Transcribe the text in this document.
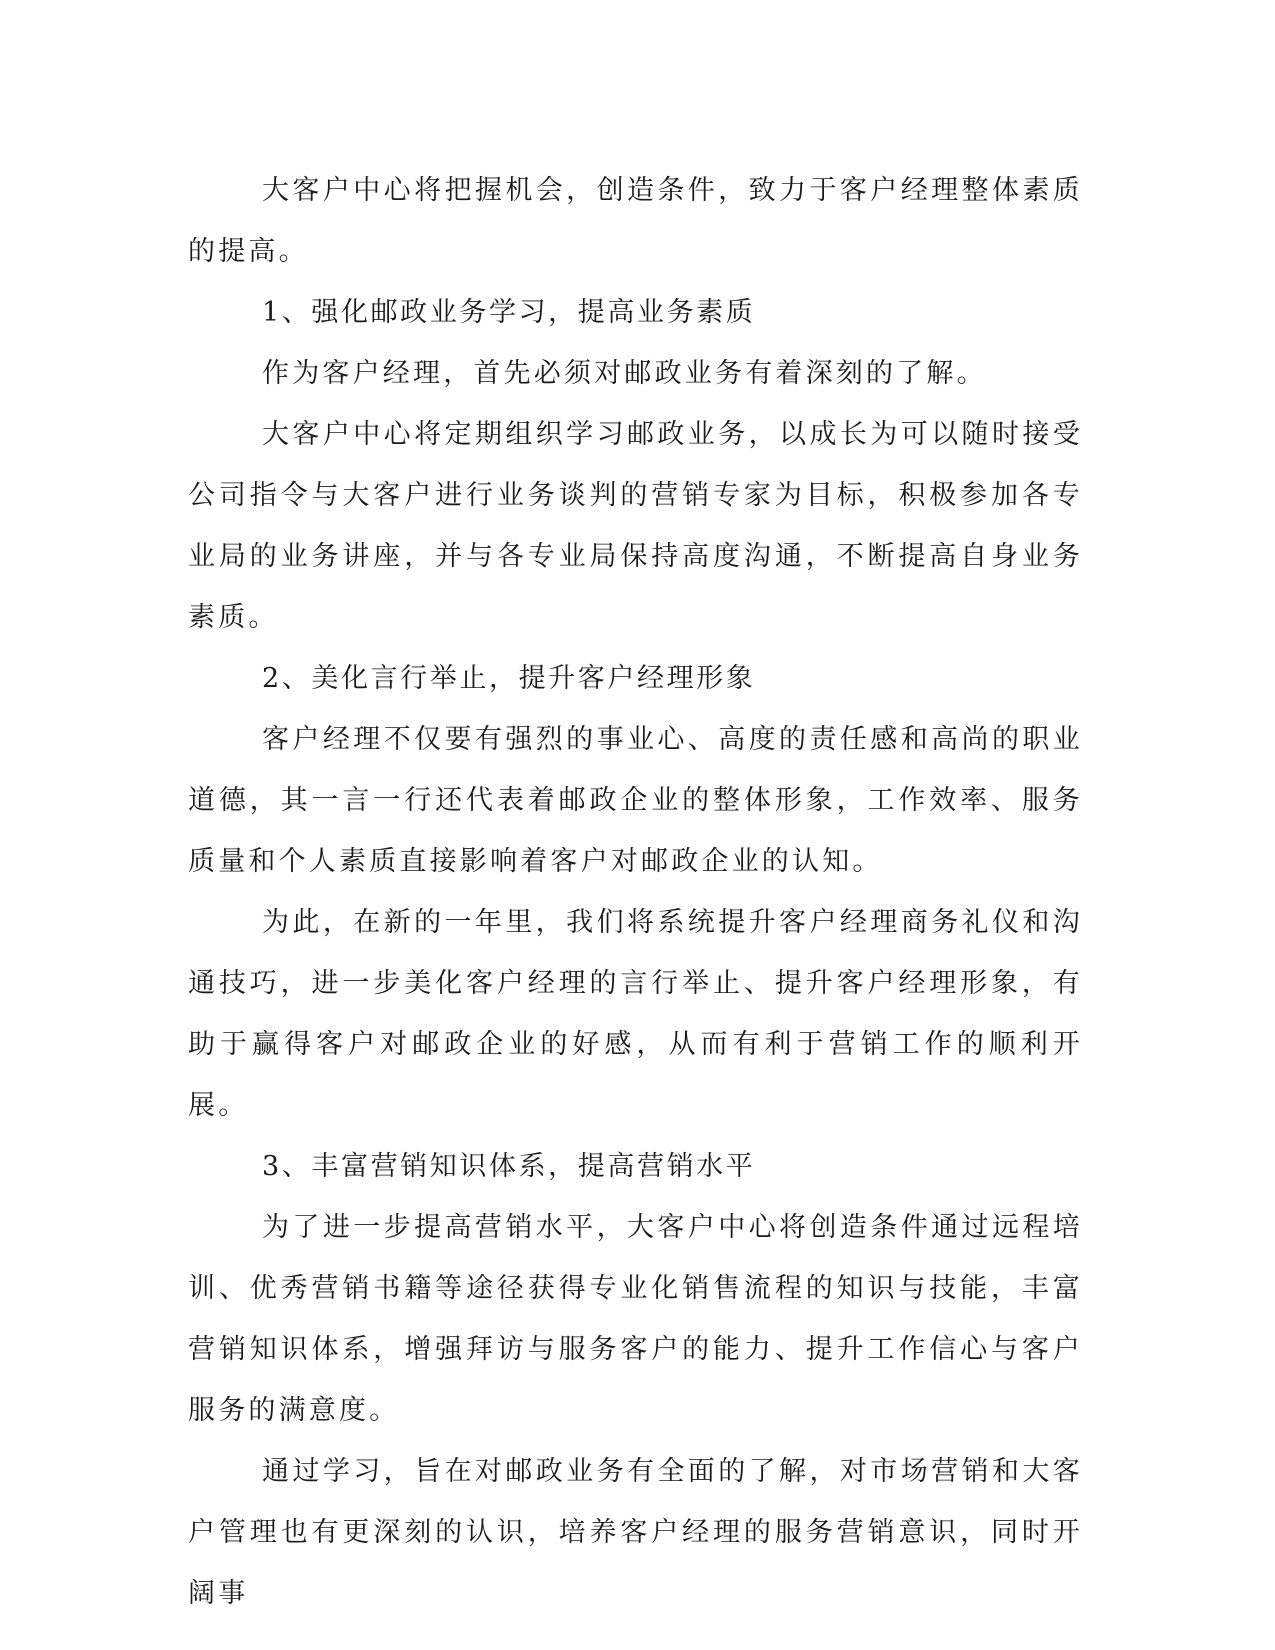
大客户中心将把握机会，创造条件，致力于客户经理整体素质的提高。

1、强化邮政业务学习，提高业务素质

作为客户经理，首先必须对邮政业务有着深刻的了解。

大客户中心将定期组织学习邮政业务，以成长为可以随时接受公司指令与大客户进行业务谈判的营销专家为目标，积极参加各专业局的业务讲座，并与各专业局保持高度沟通，不断提高自身业务素质。

2、美化言行举止，提升客户经理形象

客户经理不仅要有强烈的事业心、高度的责任感和高尚的职业道德，其一言一行还代表着邮政企业的整体形象，工作效率、服务质量和个人素质直接影响着客户对邮政企业的认知。

为此，在新的一年里，我们将系统提升客户经理商务礼仪和沟通技巧，进一步美化客户经理的言行举止、提升客户经理形象，有助于赢得客户对邮政企业的好感，从而有利于营销工作的顺利开展。

3、丰富营销知识体系，提高营销水平

为了进一步提高营销水平，大客户中心将创造条件通过远程培训、优秀营销书籍等途径获得专业化销售流程的知识与技能，丰富营销知识体系，增强拜访与服务客户的能力、提升工作信心与客户服务的满意度。

通过学习，旨在对邮政业务有全面的了解，对市场营销和大客户管理也有更深刻的认识，培养客户经理的服务营销意识，同时开阔事
